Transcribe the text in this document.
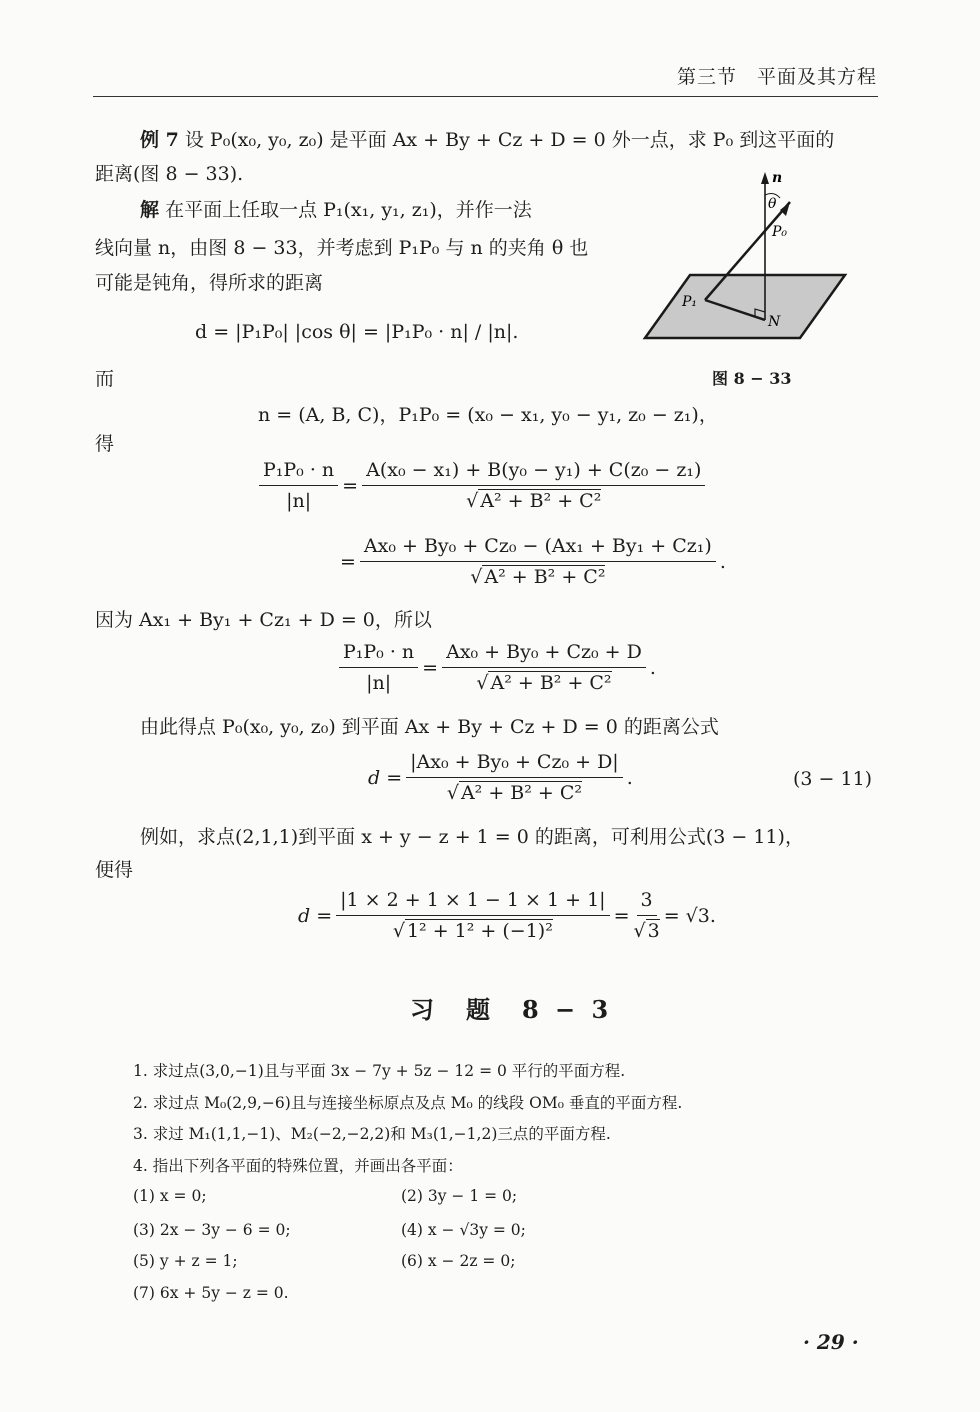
第三节　平面及其方程
例 7 设 P₀(x₀, y₀, z₀) 是平面 Ax + By + Cz + D = 0 外一点，求 P₀ 到这平面的
距离(图 8 − 33).
解 在平面上任取一点 P₁(x₁, y₁, z₁)，并作一法
线向量 n，由图 8 − 33，并考虑到 P₁P₀ 与 n 的夹角 θ 也
可能是钝角，得所求的距离
d = |P₁P₀| |cos θ| = |P₁P₀ · n| / |n|.
n
θ
P₀
P₁
N
图 8 − 33
而
n = (A, B, C)，P₁P₀ = (x₀ − x₁, y₀ − y₁, z₀ − z₁)，
得
$\frac{\text{P₁P₀ · n}}{|n|} = \frac{\text{A(x₀ − x₁) + B(y₀ − y₁) + C(z₀ − z₁)}}{\text{√ A² + B² + C²}}$
= $\frac{\text{Ax₀ + By₀ + Cz₀ − (Ax₁ + By₁ + Cz₁)}}{\text{√ A² + B² + C²}}$ .
因为 Ax₁ + By₁ + Cz₁ + D = 0，所以
$\frac{\text{P₁P₀ · n}}{|n|} = \frac{\text{Ax₀ + By₀ + Cz₀ + D}}{\text{√ A² + B² + C²}}$ .
由此得点 P₀(x₀, y₀, z₀) 到平面 Ax + By + Cz + D = 0 的距离公式
$d = \frac{\text{|Ax₀ + By₀ + Cz₀ + D|}}{\text{√ A² + B² + C²}}$ .	(3 − 11)
例如，求点(2,1,1)到平面 x + y − z + 1 = 0 的距离，可利用公式(3 − 11)，
便得
$d = \frac{|1 \times 2 + 1 \times 1 - 1 \times 1 + 1|}{\text{√ 1² + 1² + (−1)²}} = \frac{3}{√ 3} = √3$.
习　题　8 − 3
1. 求过点(3,0,−1)且与平面 3x − 7y + 5z − 12 = 0 平行的平面方程.
2. 求过点 M₀(2,9,−6)且与连接坐标原点及点 M₀ 的线段 OM₀ 垂直的平面方程.
3. 求过 M₁(1,1,−1)、M₂(−2,−2,2)和 M₃(1,−1,2)三点的平面方程.
4. 指出下列各平面的特殊位置，并画出各平面：
(1) x = 0;	(2) 3y − 1 = 0;
(3) 2x − 3y − 6 = 0;	(4) x − √3y = 0;
(5) y + z = 1;	(6) x − 2z = 0;
(7) 6x + 5y − z = 0.
· 29 ·
